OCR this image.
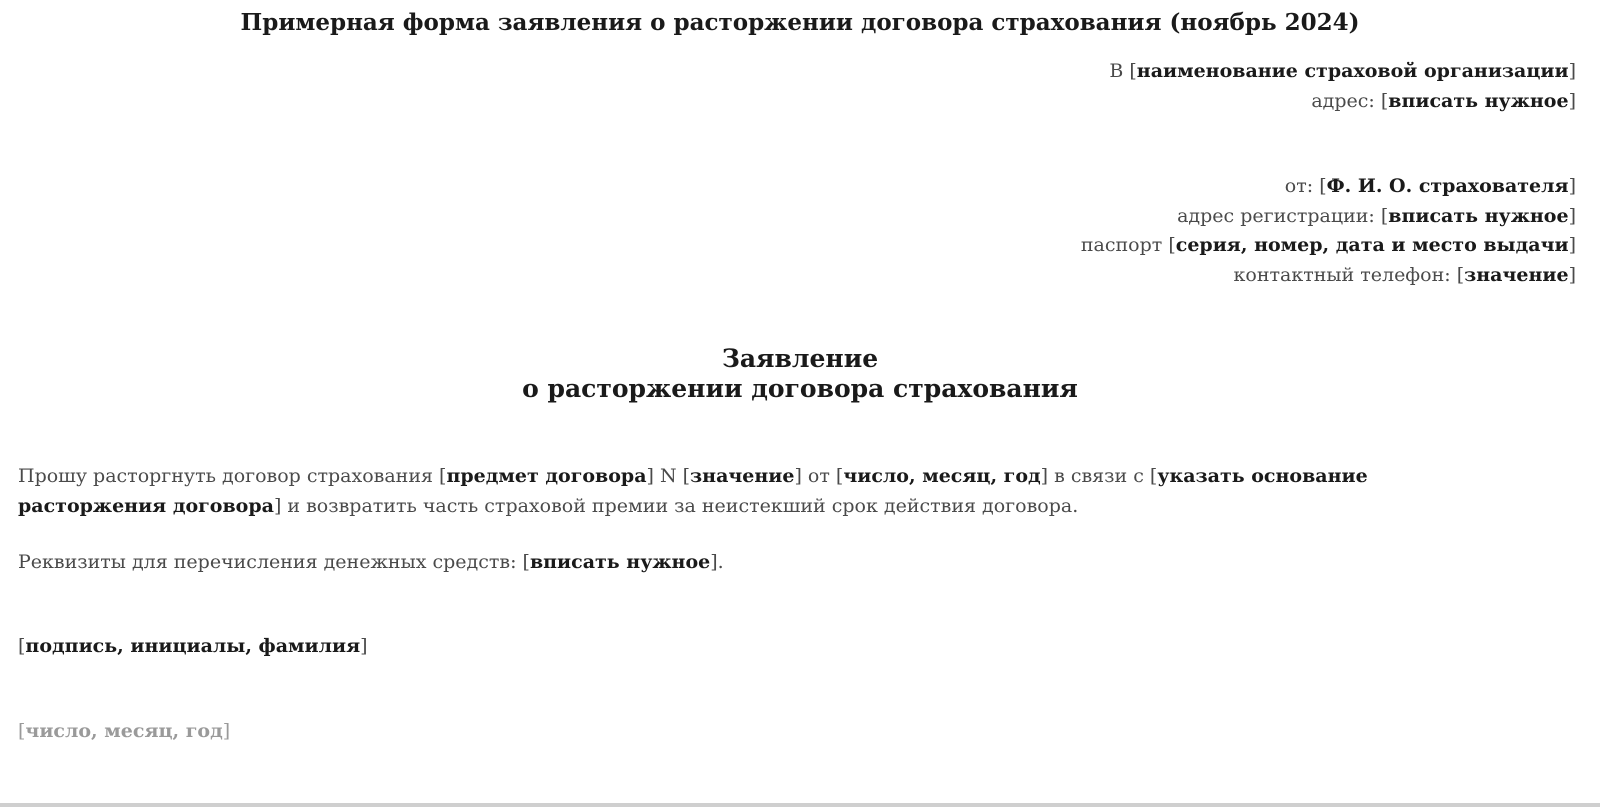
Примерная форма заявления о расторжении договора страхования (ноябрь 2024)
В [наименование страховой организации]
адрес: [вписать нужное]
от: [Ф. И. О. страхователя]
адрес регистрации: [вписать нужное]
паспорт [серия, номер, дата и место выдачи]
контактный телефон: [значение]
Заявление
о расторжении договора страхования
Прошу расторгнуть договор страхования [предмет договора] N [значение] от [число, месяц, год] в связи с [указать основание расторжения договора] и возвратить часть страховой премии за неистекший срок действия договора.
Реквизиты для перечисления денежных средств: [вписать нужное].
[подпись, инициалы, фамилия]
[число, месяц, год]
